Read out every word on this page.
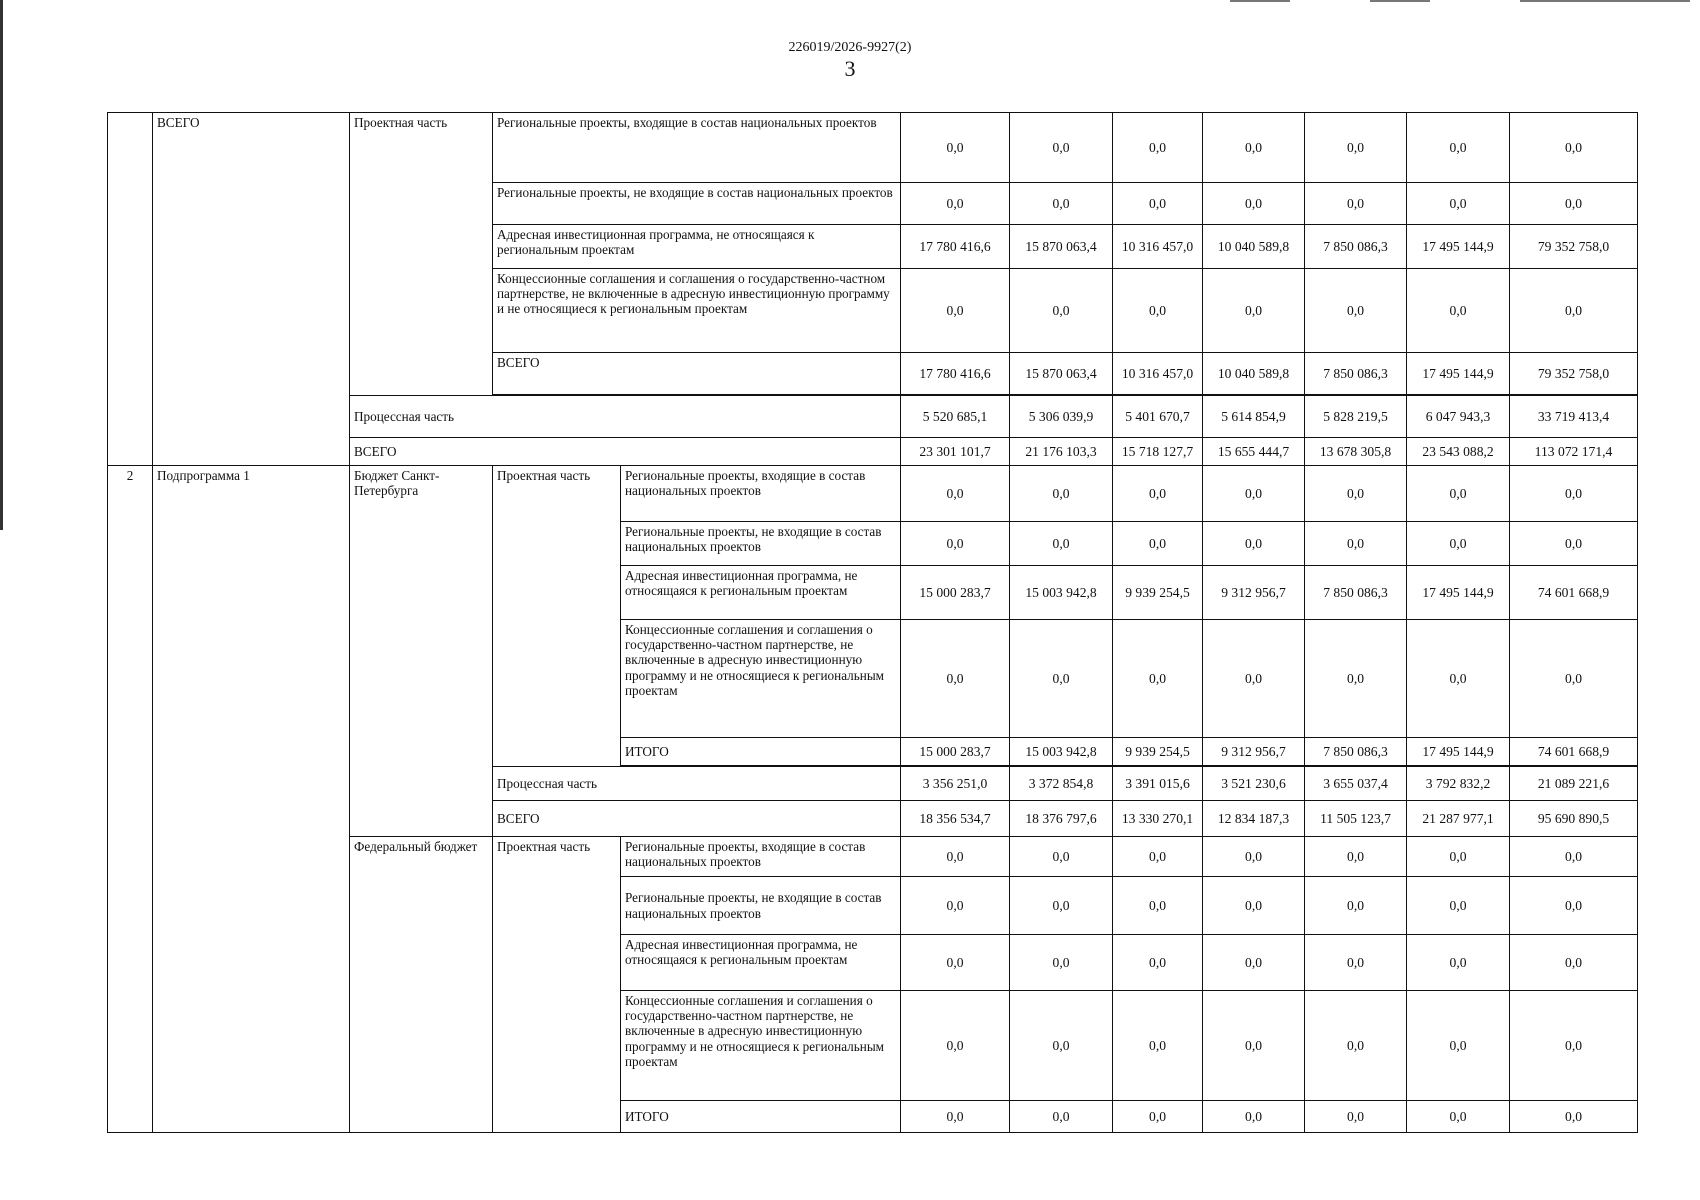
226019/2026-9927(2)
3
	ВСЕГО	Проектная часть	Региональные проекты, входящие в состав национальных проектов		0,0	0,0	0,0	0,0	0,0	0,0	0,0
			Региональные проекты, не входящие в состав национальных проектов		0,0	0,0	0,0	0,0	0,0	0,0	0,0
			Адресная инвестиционная программа, не относящаяся к региональным проектам		17 780 416,6	15 870 063,4	10 316 457,0	10 040 589,8	7 850 086,3	17 495 144,9	79 352 758,0
			Концессионные соглашения и соглашения о государственно-частном партнерстве, не включенные в адресную инвестиционную программу и не относящиеся к региональным проектам		0,0	0,0	0,0	0,0	0,0	0,0	0,0
			ВСЕГО		17 780 416,6	15 870 063,4	10 316 457,0	10 040 589,8	7 850 086,3	17 495 144,9	79 352 758,0

		Процессная часть			5 520 685,1	5 306 039,9	5 401 670,7	5 614 854,9	5 828 219,5	6 047 943,3	33 719 413,4
		ВСЕГО			23 301 101,7	21 176 103,3	15 718 127,7	15 655 444,7	13 678 305,8	23 543 088,2	113 072 171,4
2	Подпрограмма 1	Бюджет Санкт-Петербурга	Проектная часть	Региональные проекты, входящие в состав национальных проектов	0,0	0,0	0,0	0,0	0,0	0,0	0,0
				Региональные проекты, не входящие в состав национальных проектов	0,0	0,0	0,0	0,0	0,0	0,0	0,0
				Адресная инвестиционная программа, не относящаяся к региональным проектам	15 000 283,7	15 003 942,8	9 939 254,5	9 312 956,7	7 850 086,3	17 495 144,9	74 601 668,9
				Концессионные соглашения и соглашения о государственно-частном партнерстве, не включенные в адресную инвестиционную программу и не относящиеся к региональным проектам	0,0	0,0	0,0	0,0	0,0	0,0	0,0
				ИТОГО	15 000 283,7	15 003 942,8	9 939 254,5	9 312 956,7	7 850 086,3	17 495 144,9	74 601 668,9

			Процессная часть		3 356 251,0	3 372 854,8	3 391 015,6	3 521 230,6	3 655 037,4	3 792 832,2	21 089 221,6
			ВСЕГО		18 356 534,7	18 376 797,6	13 330 270,1	12 834 187,3	11 505 123,7	21 287 977,1	95 690 890,5
		Федеральный бюджет	Проектная часть	Региональные проекты, входящие в состав национальных проектов	0,0	0,0	0,0	0,0	0,0	0,0	0,0
				Региональные проекты, не входящие в состав национальных проектов	0,0	0,0	0,0	0,0	0,0	0,0	0,0
				Адресная инвестиционная программа, не относящаяся к региональным проектам	0,0	0,0	0,0	0,0	0,0	0,0	0,0
				Концессионные соглашения и соглашения о государственно-частном партнерстве, не включенные в адресную инвестиционную программу и не относящиеся к региональным проектам	0,0	0,0	0,0	0,0	0,0	0,0	0,0
				ИТОГО	0,0	0,0	0,0	0,0	0,0	0,0	0,0
